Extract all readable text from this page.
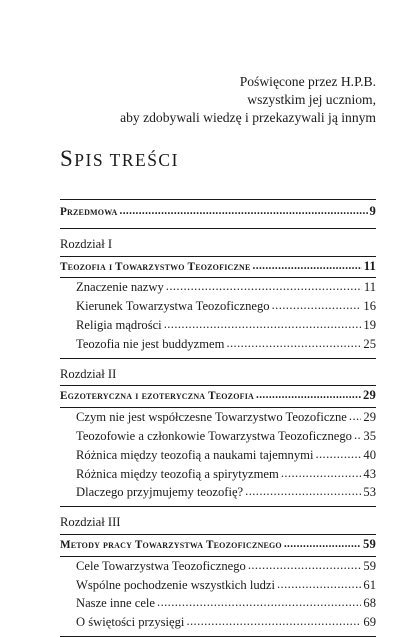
Poświęcone przez H.P.B.
wszystkim jej uczniom,
aby zdobywali wiedzę i przekazywali ją innym
SPIS TREŚCI
Przedmowa .....	9
Rozdział I
Teozofia i Towarzystwo Teozoficzne .....	11
Znaczenie nazwy .....	11
Kierunek Towarzystwa Teozoficznego .....	16
Religia mądrości .....	19
Teozofia nie jest buddyzmem .....	25
Rozdział II
Egzoteryczna i ezoteryczna Teozofia .....	29
Czym nie jest współczesne Towarzystwo Teozoficzne ..... 29
Teozofowie a członkowie Towarzystwa Teozoficznego ..... 35
Różnica między teozofią a naukami tajemnymi .....	40
Różnica między teozofią a spirytyzmem .....	43
Dlaczego przyjmujemy teozofię? .....	53
Rozdział III
Metody pracy Towarzystwa Teozoficznego .....	59
Cele Towarzystwa Teozoficznego .....	59
Wspólne pochodzenie wszystkich ludzi .....	61
Nasze inne cele .....	68
O świętości przysięgi .....	69
